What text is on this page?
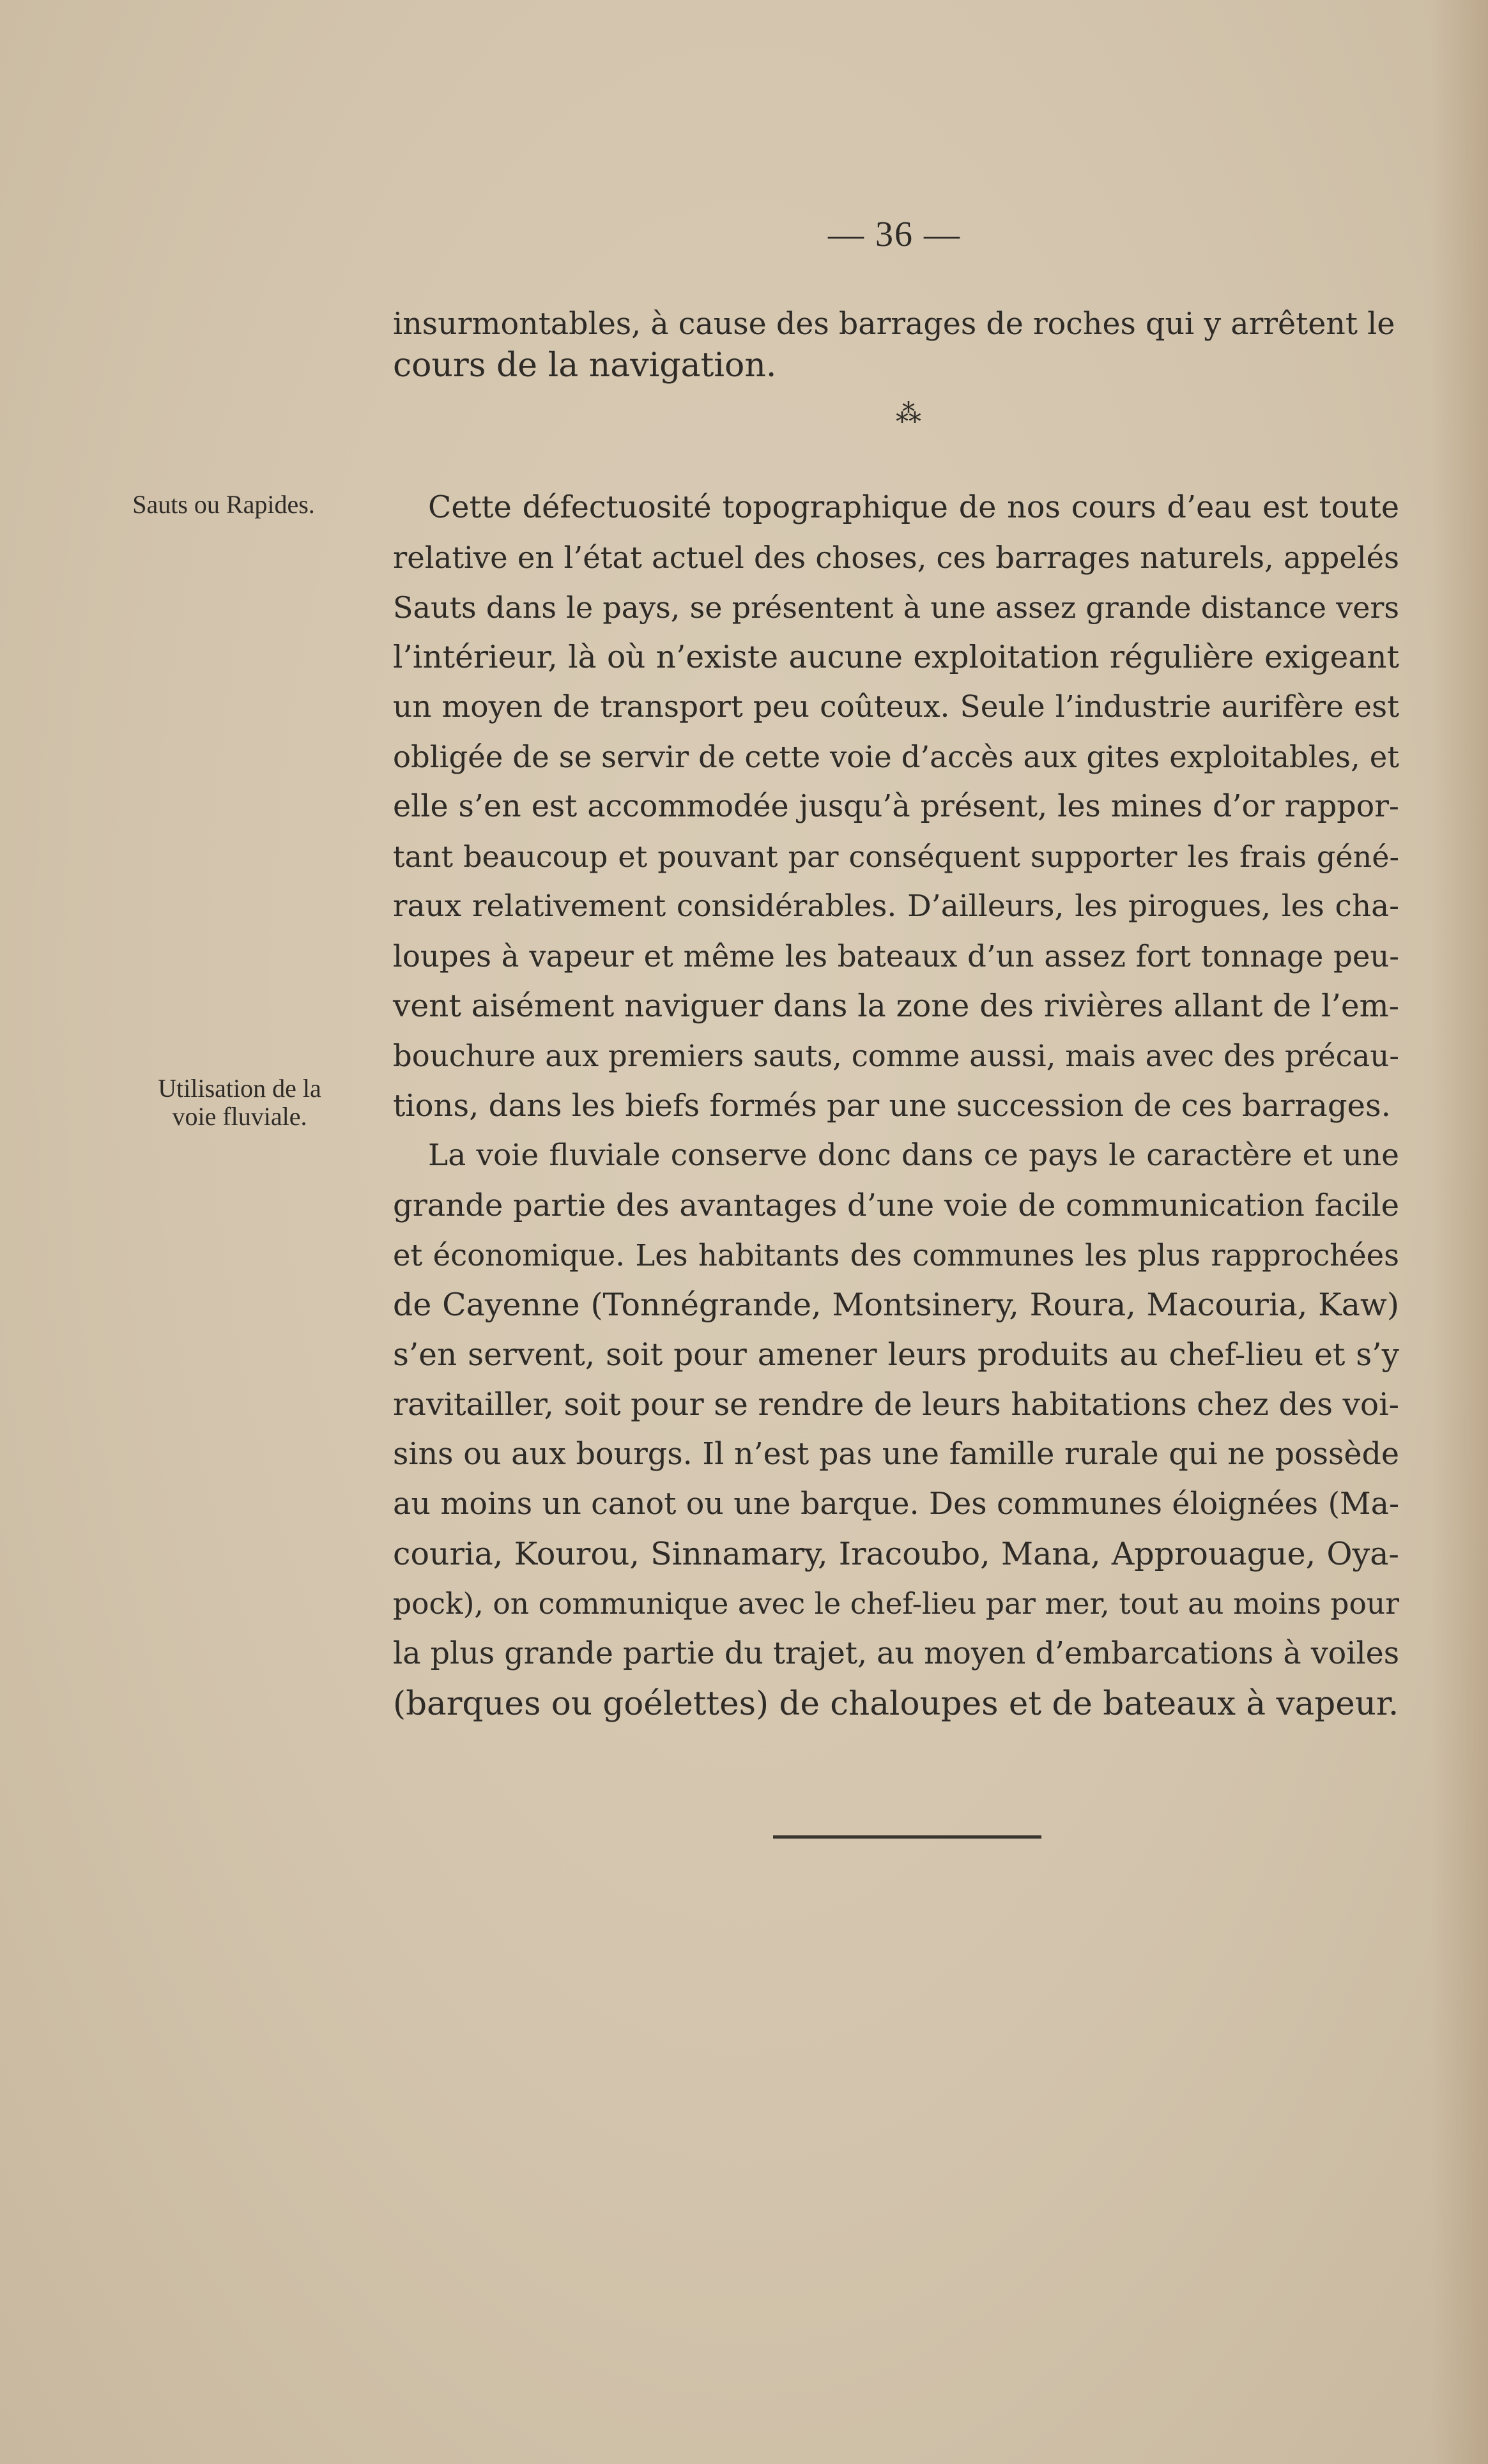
— 36 —
insurmontables, à cause des barrages de roches qui y arrêtent le
cours de la navigation.
⁂
Sauts ou Rapides.	Cette défectuosité topographique de nos cours d’eau est toute
relative en l’état actuel des choses, ces barrages naturels, appelés
Sauts dans le pays, se présentent à une assez grande distance vers
l’intérieur, là où n’existe aucune exploitation régulière exigeant
un moyen de transport peu coûteux. Seule l’industrie aurifère est
obligée de se servir de cette voie d’accès aux gites exploitables, et
elle s’en est accommodée jusqu’à présent, les mines d’or rappor-
tant beaucoup et pouvant par conséquent supporter les frais géné-
raux relativement considérables. D’ailleurs, les pirogues, les cha-
loupes à vapeur et même les bateaux d’un assez fort tonnage peu-
vent aisément naviguer dans la zone des rivières allant de l’em-
bouchure aux premiers sauts, comme aussi, mais avec des précau-
tions, dans les biefs formés par une succession de ces barrages.
Utilisation de la
voie fluviale.
La voie fluviale conserve donc dans ce pays le caractère et une
grande partie des avantages d’une voie de communication facile
et économique. Les habitants des communes les plus rapprochées
de Cayenne (Tonnégrande, Montsinery, Roura, Macouria, Kaw)
s’en servent, soit pour amener leurs produits au chef-lieu et s’y
ravitailler, soit pour se rendre de leurs habitations chez des voi-
sins ou aux bourgs. Il n’est pas une famille rurale qui ne possède
au moins un canot ou une barque. Des communes éloignées (Ma-
couria, Kourou, Sinnamary, Iracoubo, Mana, Approuague, Oya-
pock), on communique avec le chef-lieu par mer, tout au moins pour
la plus grande partie du trajet, au moyen d’embarcations à voiles
(barques ou goélettes) de chaloupes et de bateaux à vapeur.
